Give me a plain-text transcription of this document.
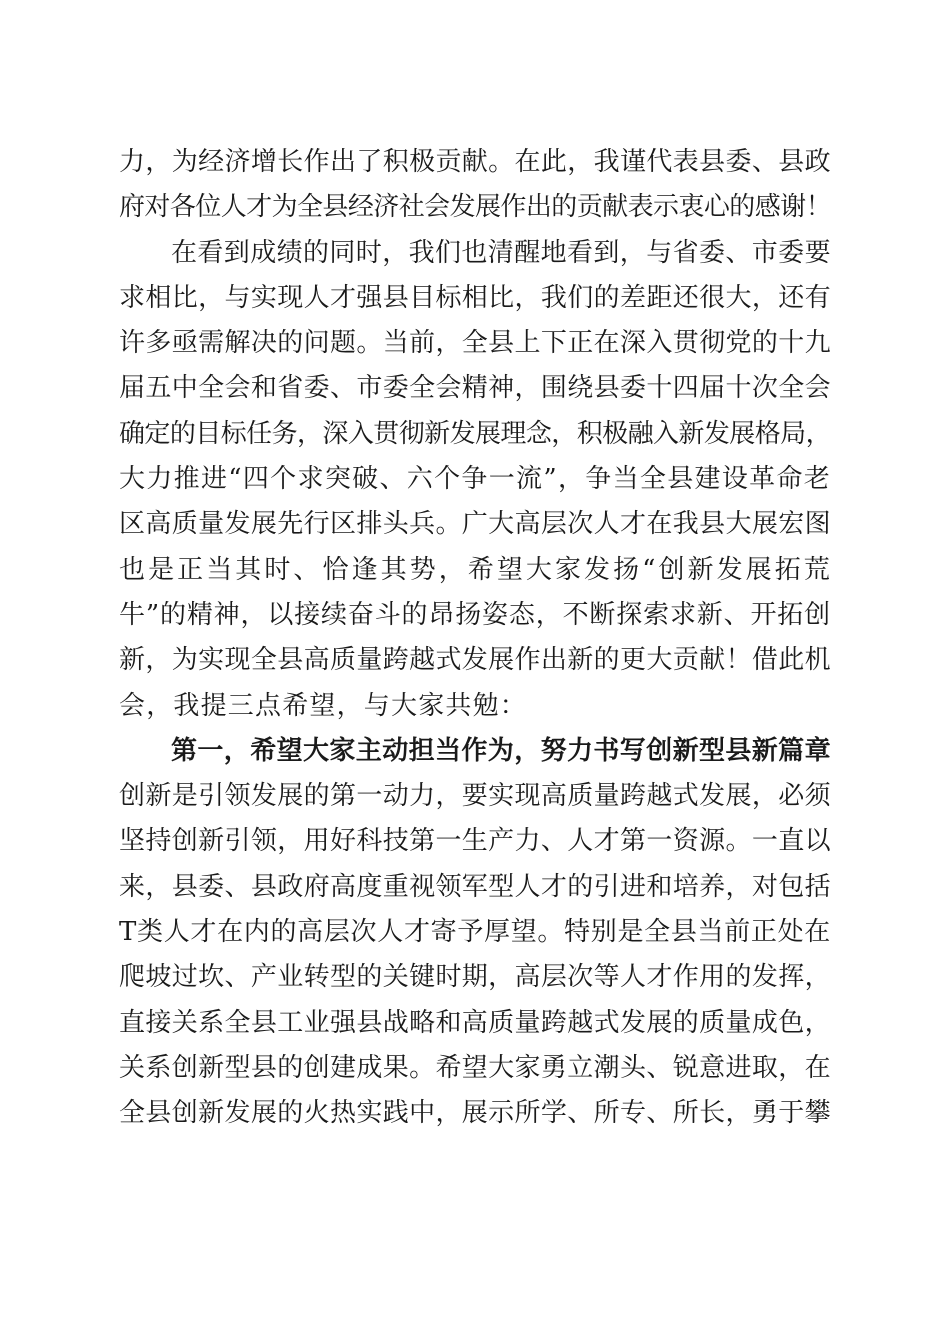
力，为经济增长作出了积极贡献。在此，我谨代表县委、县政
府对各位人才为全县经济社会发展作出的贡献表示衷心的感谢！
在看到成绩的同时，我们也清醒地看到，与省委、市委要
求相比，与实现人才强县目标相比，我们的差距还很大，还有
许多亟需解决的问题。当前，全县上下正在深入贯彻党的十九
届五中全会和省委、市委全会精神，围绕县委十四届十次全会
确定的目标任务，深入贯彻新发展理念，积极融入新发展格局，
大力推进“四个求突破、六个争一流”，争当全县建设革命老
区高质量发展先行区排头兵。广大高层次人才在我县大展宏图
也是正当其时、恰逢其势，希望大家发扬“创新发展拓荒
牛”的精神，以接续奋斗的昂扬姿态，不断探索求新、开拓创
新，为实现全县高质量跨越式发展作出新的更大贡献！借此机
会，我提三点希望，与大家共勉：
第一，希望大家主动担当作为，努力书写创新型县新篇章
创新是引领发展的第一动力，要实现高质量跨越式发展，必须
坚持创新引领，用好科技第一生产力、人才第一资源。一直以
来，县委、县政府高度重视领军型人才的引进和培养，对包括
T类人才在内的高层次人才寄予厚望。特别是全县当前正处在
爬坡过坎、产业转型的关键时期，高层次等人才作用的发挥，
直接关系全县工业强县战略和高质量跨越式发展的质量成色，
关系创新型县的创建成果。希望大家勇立潮头、锐意进取，在
全县创新发展的火热实践中，展示所学、所专、所长，勇于攀
